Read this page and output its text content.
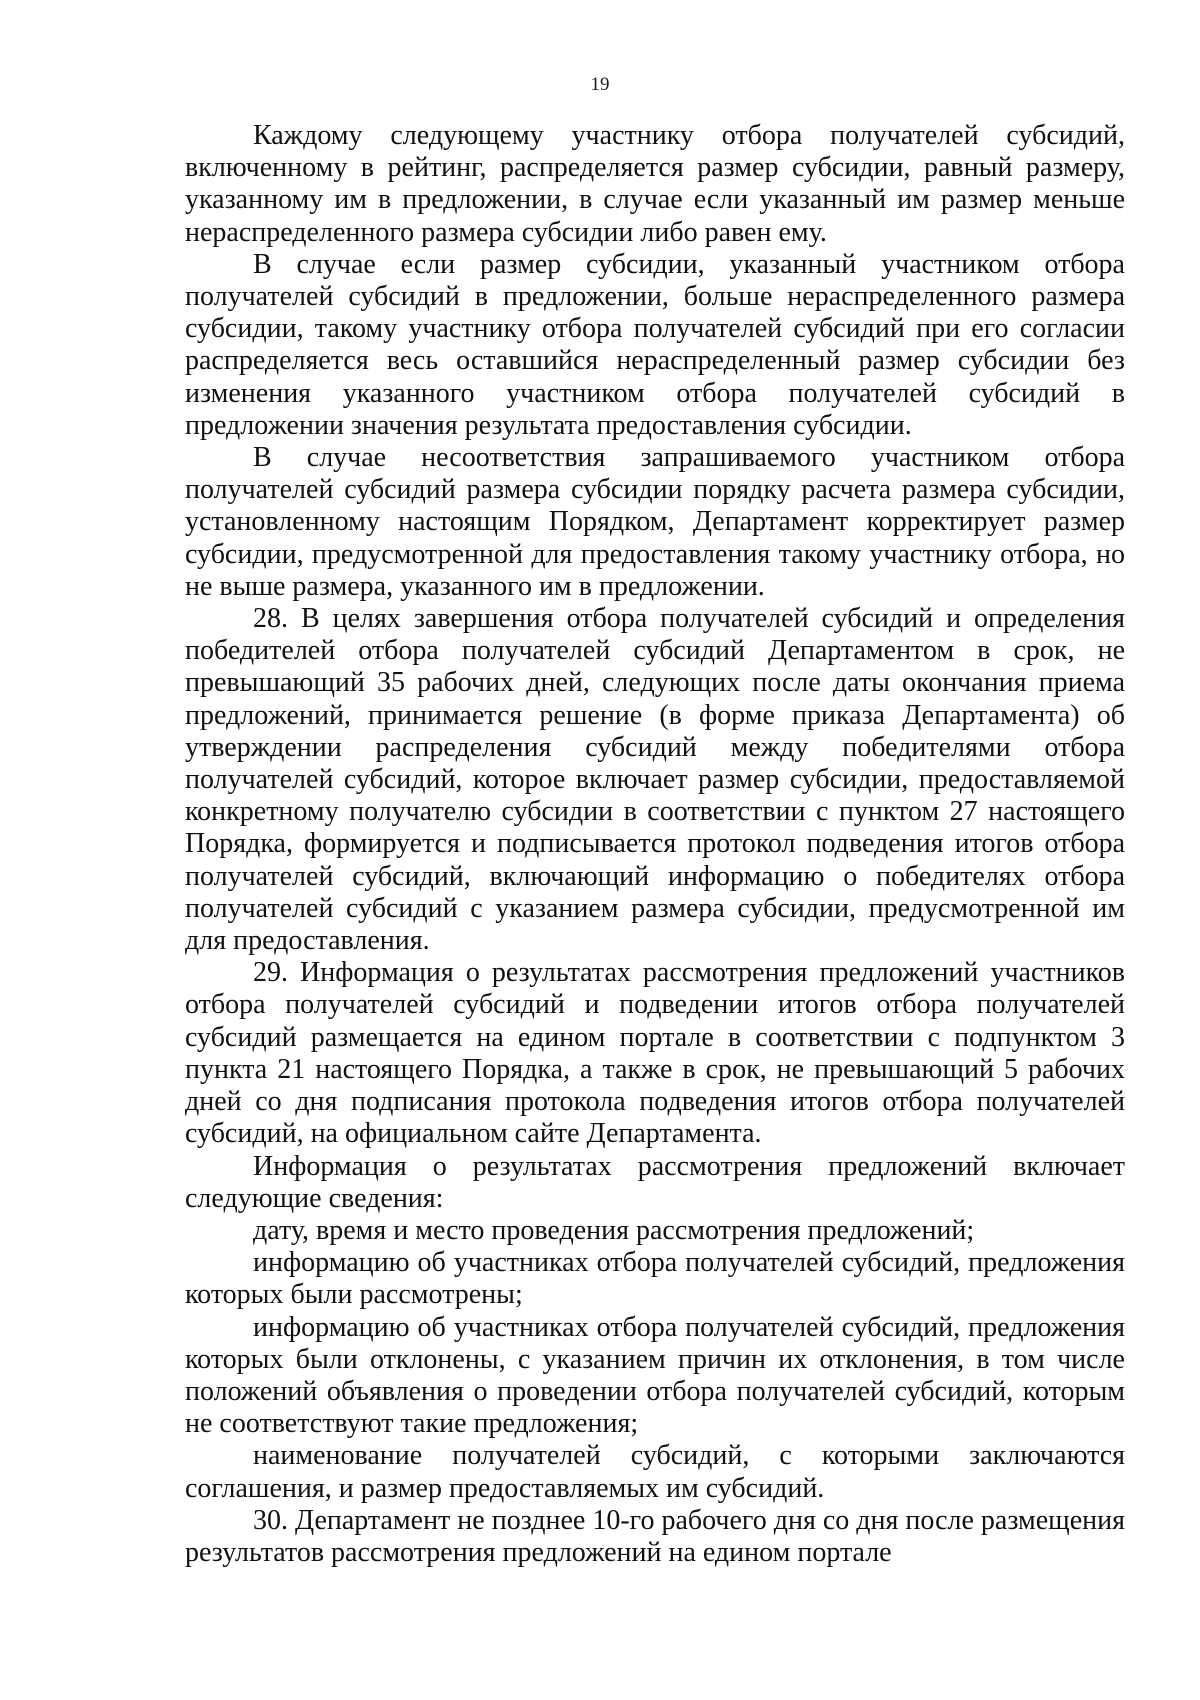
19

Каждому следующему участнику отбора получателей субсидий, включенному в рейтинг, распределяется размер субсидии, равный размеру, указанному им в предложении, в случае если указанный им размер меньше нераспределенного размера субсидии либо равен ему.

В случае если размер субсидии, указанный участником отбора получателей субсидий в предложении, больше нераспределенного размера субсидии, такому участнику отбора получателей субсидий при его согласии распределяется весь оставшийся нераспределенный размер субсидии без изменения указанного участником отбора получателей субсидий в предложении значения результата предоставления субсидии.

В случае несоответствия запрашиваемого участником отбора получателей субсидий размера субсидии порядку расчета размера субсидии, установленному настоящим Порядком, Департамент корректирует размер субсидии, предусмотренной для предоставления такому участнику отбора, но не выше размера, указанного им в предложении.

28. В целях завершения отбора получателей субсидий и определения победителей отбора получателей субсидий Департаментом в срок, не превышающий 35 рабочих дней, следующих после даты окончания приема предложений, принимается решение (в форме приказа Департамента) об утверждении распределения субсидий между победителями отбора получателей субсидий, которое включает размер субсидии, предоставляемой конкретному получателю субсидии в соответствии с пунктом 27 настоящего Порядка, формируется и подписывается протокол подведения итогов отбора получателей субсидий, включающий информацию о победителях отбора получателей субсидий с указанием размера субсидии, предусмотренной им для предоставления.

29. Информация о результатах рассмотрения предложений участников отбора получателей субсидий и подведении итогов отбора получателей субсидий размещается на едином портале в соответствии с подпунктом 3 пункта 21 настоящего Порядка, а также в срок, не превышающий 5 рабочих дней со дня подписания протокола подведения итогов отбора получателей субсидий, на официальном сайте Департамента.

Информация о результатах рассмотрения предложений включает следующие сведения:

дату, время и место проведения рассмотрения предложений;

информацию об участниках отбора получателей субсидий, предложения которых были рассмотрены;

информацию об участниках отбора получателей субсидий, предложения которых были отклонены, с указанием причин их отклонения, в том числе положений объявления о проведении отбора получателей субсидий, которым не соответствуют такие предложения;

наименование получателей субсидий, с которыми заключаются соглашения, и размер предоставляемых им субсидий.

30. Департамент не позднее 10-го рабочего дня со дня после размещения результатов рассмотрения предложений на едином портале
